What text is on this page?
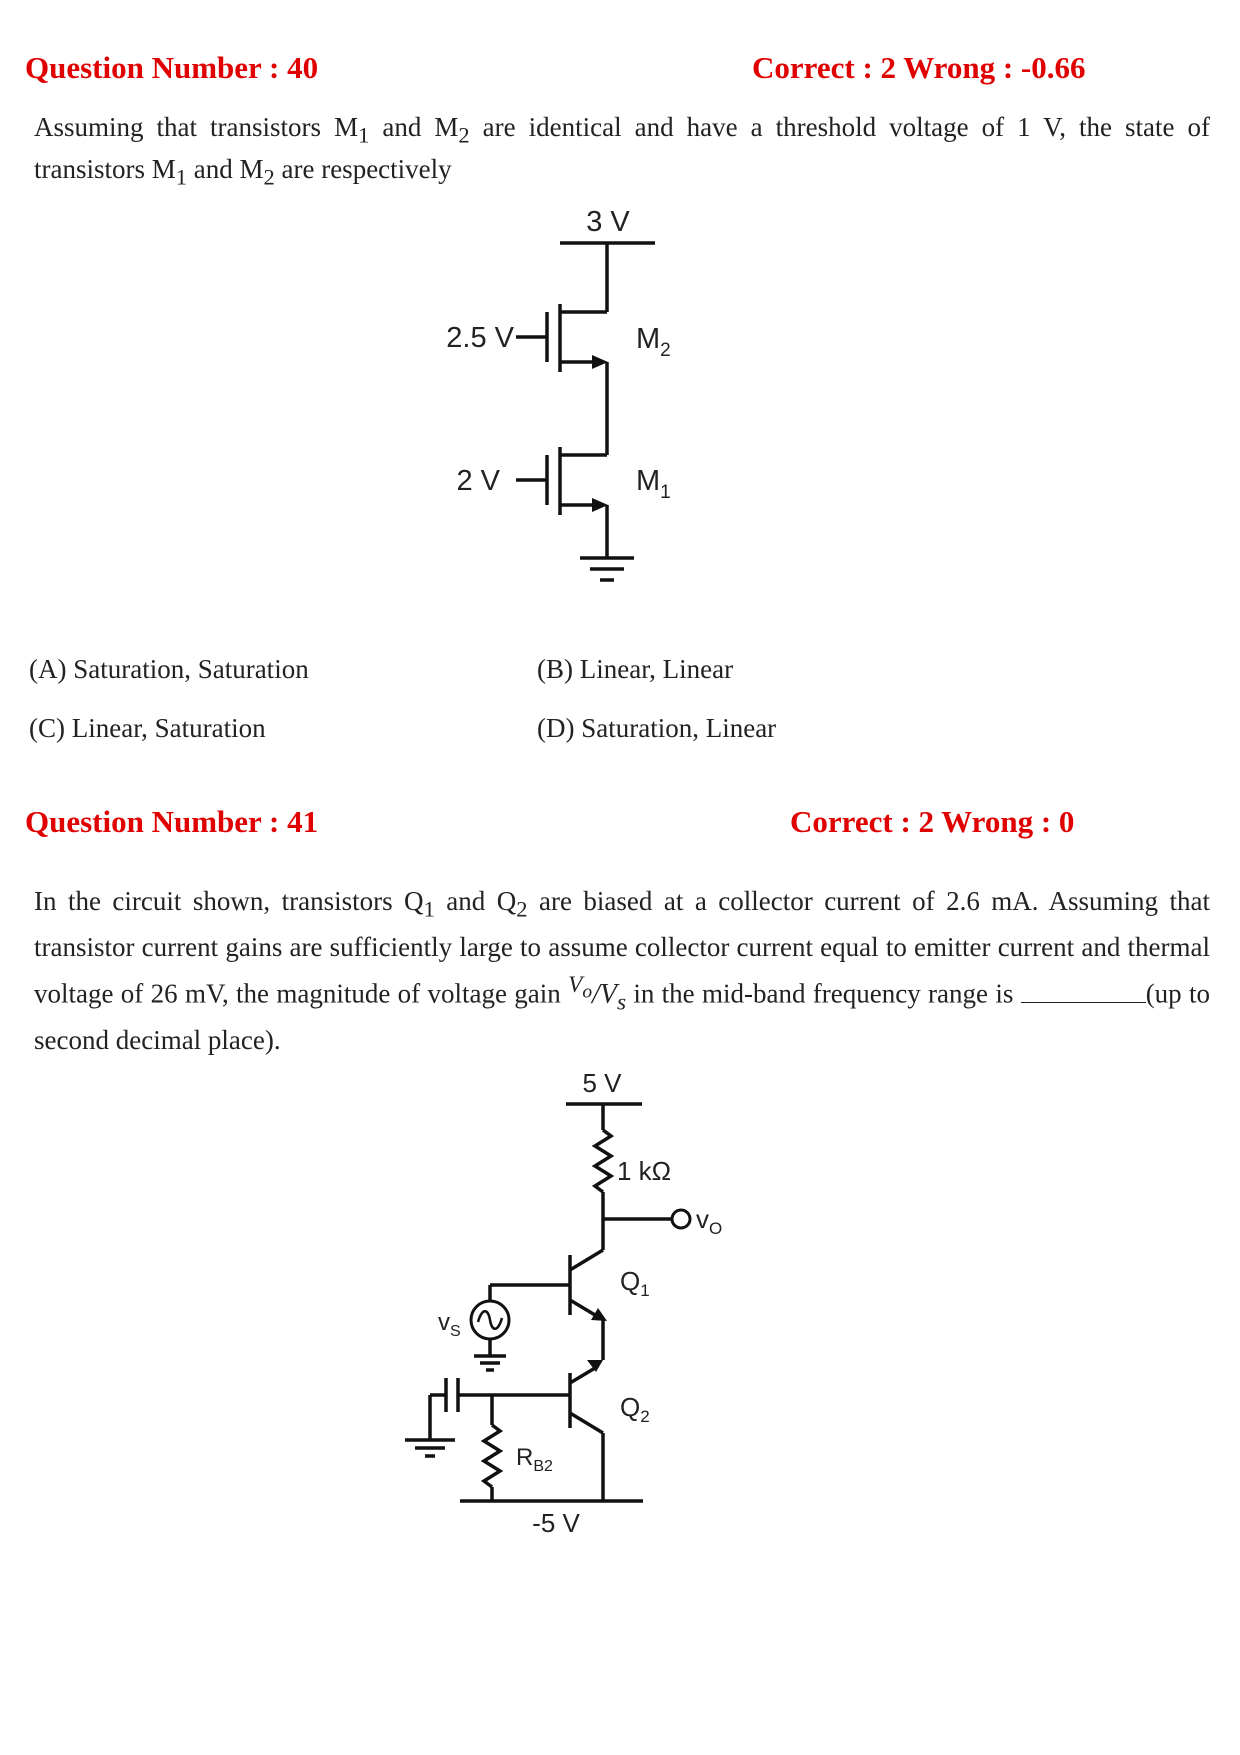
Question Number : 40	Correct : 2 Wrong : -0.66
Assuming that transistors $M_1$ and $M_2$ are identical and have a threshold voltage of 1 V, the state of transistors $M_1$ and $M_2$ are respectively
3 V
2.5 V	$M_2$
2 V	$M_1$
5 V
1 kΩ
$v_O$
$Q_1$
$v_S$
$Q_2$
$R_{B2}$
-5 V
(A) Saturation, Saturation	(B) Linear, Linear
(C) Linear, Saturation	(D) Saturation, Linear
Question Number : 41	Correct : 2 Wrong : 0
In the circuit shown, transistors $Q_1$ and $Q_2$ are biased at a collector current of 2.6 mA. Assuming that transistor current gains are sufficiently large to assume collector current equal to emitter current and thermal voltage of 26 mV, the magnitude of voltage gain $^{V_o}/V_s$ in the mid-band frequency range is	(up to second decimal place).
